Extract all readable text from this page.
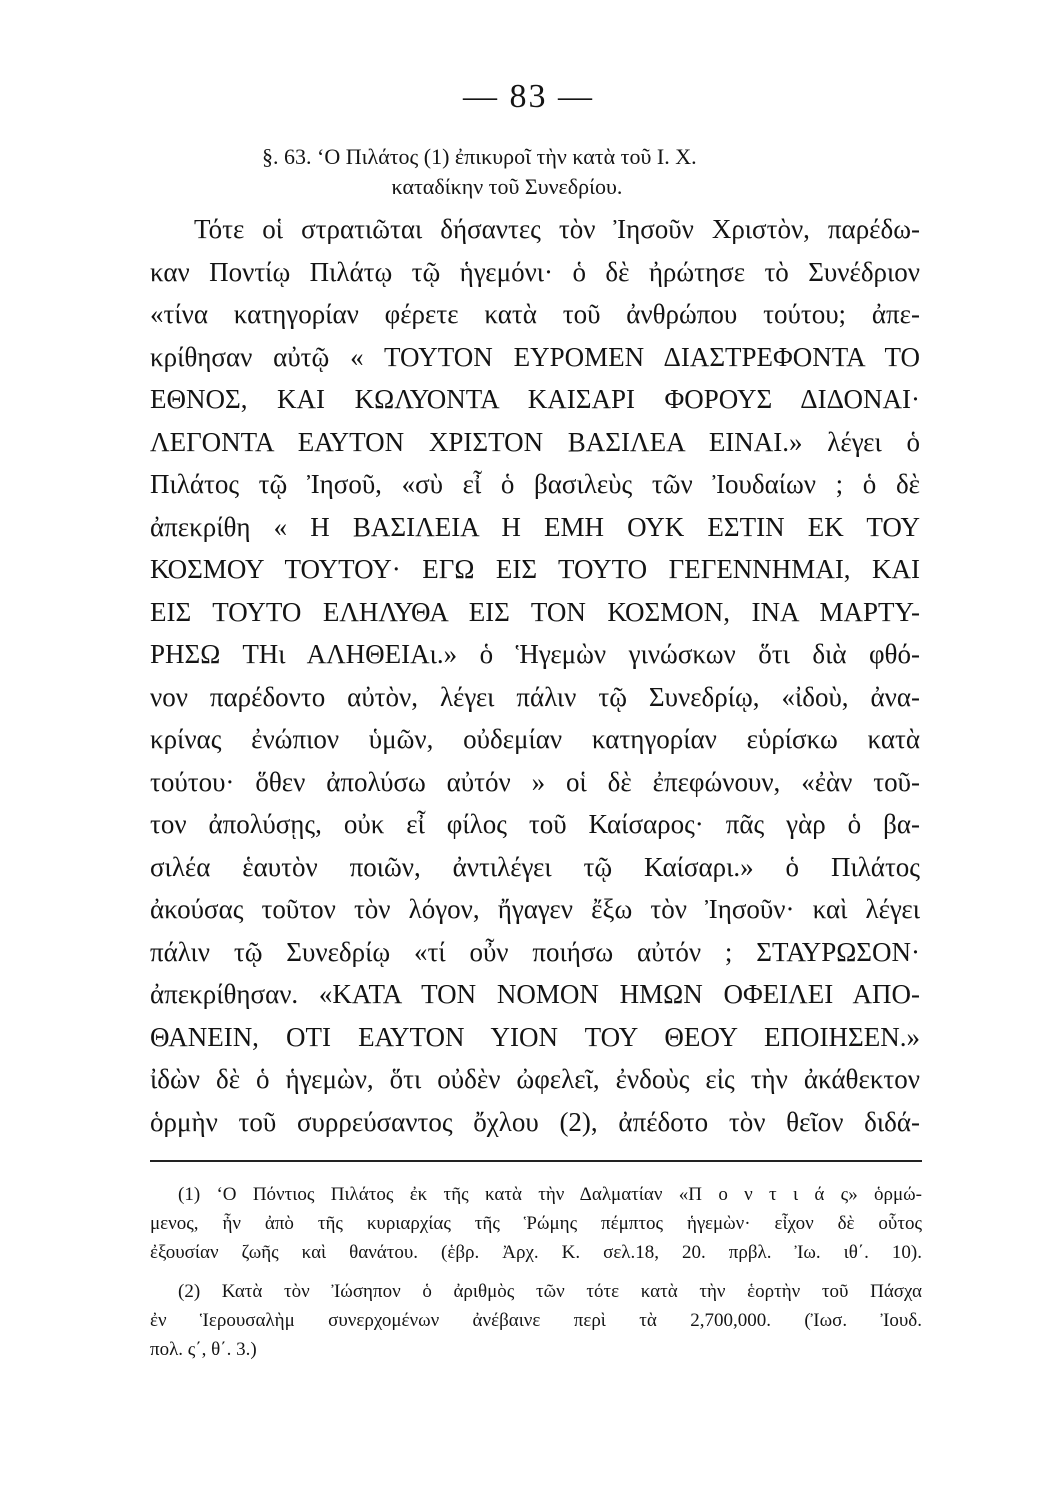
— 83 —
§. 63. ‘Ο Πιλάτος (1) ἐπικυροῖ τὴν κατὰ τοῦ Ι. Χ.
καταδίκην τοῦ Συνεδρίου.
Τότε οἱ στρατιῶται δήσαντες τὸν Ἰησοῦν Χριστὸν, παρέδω-
καν Ποντίῳ Πιλάτῳ τῷ ἡγεμόνι· ὁ δὲ ἠρώτησε τὸ Συνέδριον
«τίνα κατηγορίαν φέρετε κατὰ τοῦ ἀνθρώπου τούτου; ἀπε-
κρίθησαν αὐτῷ « ΤΟΥΤΟΝ ΕΥΡΟΜΕΝ ΔΙΑΣΤΡΕΦΟΝΤΑ ΤΟ
ΕΘΝΟΣ, ΚΑΙ ΚΩΛΥΟΝΤΑ ΚΑΙΣΑΡΙ ΦΟΡΟΥΣ ΔΙΔΟΝΑΙ·
ΛΕΓΟΝΤΑ ΕΑΥΤΟΝ ΧΡΙΣΤΟΝ ΒΑΣΙΛΕΑ ΕΙΝΑΙ.» λέγει ὁ
Πιλάτος τῷ Ἰησοῦ, «σὺ εἶ ὁ βασιλεὺς τῶν Ἰουδαίων ; ὁ δὲ
ἀπεκρίθη « Η ΒΑΣΙΛΕΙΑ Η ΕΜΗ ΟΥΚ ΕΣΤΙΝ ΕΚ ΤΟΥ
ΚΟΣΜΟΥ ΤΟΥΤΟΥ· ΕΓΩ ΕΙΣ ΤΟΥΤΟ ΓΕΓΕΝΝΗΜΑΙ, ΚΑΙ
ΕΙΣ ΤΟΥΤΟ ΕΛΗΛΥΘΑ ΕΙΣ ΤΟΝ ΚΟΣΜΟΝ, ΙΝΑ ΜΑΡΤΥ-
ΡΗΣΩ ΤΗι ΑΛΗΘΕΙΑι.» ὁ Ἡγεμὼν γινώσκων ὅτι διὰ φθό-
νον παρέδοντο αὐτὸν, λέγει πάλιν τῷ Συνεδρίῳ, «ἰδοὺ, ἀνα-
κρίνας ἐνώπιον ὑμῶν, οὐδεμίαν κατηγορίαν εὑρίσκω κατὰ
τούτου· ὅθεν ἀπολύσω αὐτόν » οἱ δὲ ἐπεφώνουν, «ἐὰν τοῦ-
τον ἀπολύσῃς, οὐκ εἶ φίλος τοῦ Καίσαρος· πᾶς γὰρ ὁ βα-
σιλέα ἑαυτὸν ποιῶν, ἀντιλέγει τῷ Καίσαρι.» ὁ Πιλάτος
ἀκούσας τοῦτον τὸν λόγον, ἤγαγεν ἔξω τὸν Ἰησοῦν· καὶ λέγει
πάλιν τῷ Συνεδρίῳ «τί οὖν ποιήσω αὐτόν ; ΣΤΑΥΡΩΣΟΝ·
ἀπεκρίθησαν. «ΚΑΤΑ ΤΟΝ ΝΟΜΟΝ ΗΜΩΝ ΟΦΕΙΛΕΙ ΑΠΟ-
ΘΑΝΕΙΝ, ΟΤΙ ΕΑΥΤΟΝ ΥΙΟΝ ΤΟΥ ΘΕΟΥ ΕΠΟΙΗΣΕΝ.»
ἰδὼν δὲ ὁ ἡγεμὼν, ὅτι οὐδὲν ὠφελεῖ, ἐνδοὺς εἰς τὴν ἀκάθεκτον
ὁρμὴν τοῦ συρρεύσαντος ὄχλου (2), ἀπέδοτο τὸν θεῖον διδά-
(1) ‘Ο Πόντιος Πιλάτος ἐκ τῆς κατὰ τὴν Δαλματίαν «Π ο ν τ ι ά ς» ὁρμώ-
μενος, ἦν ἀπὸ τῆς κυριαρχίας τῆς Ῥώμης πέμπτος ἡγεμὼν· εἶχον δὲ οὗτος
ἐξουσίαν ζωῆς καὶ θανάτου. (ἑβρ. Ἀρχ. Κ. σελ.18, 20. πρβλ. Ἰω. ιθ΄. 10).
(2) Κατὰ τὸν Ἰώσηπον ὁ ἀριθμὸς τῶν τότε κατὰ τὴν ἑορτὴν τοῦ Πάσχα
ἐν Ἱερουσαλὴμ συνερχομένων ἀνέβαινε περὶ τὰ 2,700,000. (Ἰωσ. Ἰουδ.
πολ. ς΄, θ΄. 3.)
